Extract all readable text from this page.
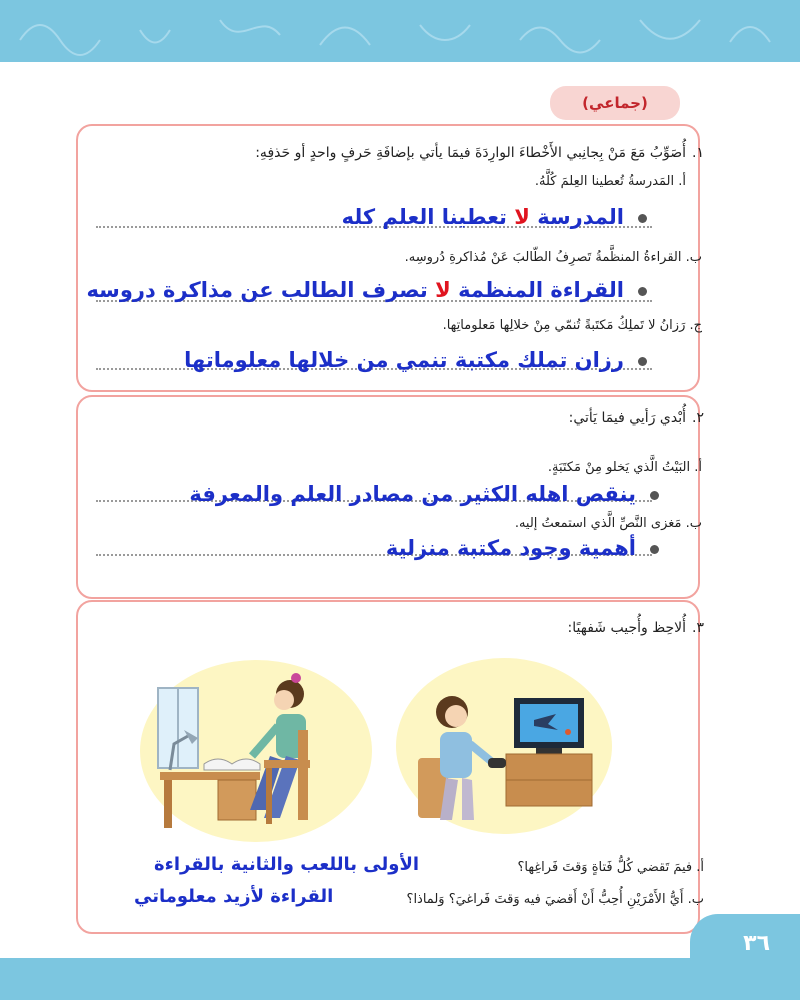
(جماعي)
١.أُصَوِّبُ مَعَ مَنْ بِجانِبي الأَخْطاءَ الوارِدَةَ فيمَا يأتي بإضافَةِ حَرفٍ واحدٍ أو حَذفِهِ:
أ. المَدرسةُ تُعطينا العِلمَ كُلَّهُ.
المدرسة لا تعطينا العلم كله
ب. القراءةُ المنظَّمةُ تَصرِفُ الطّالبَ عَنْ مُذاكرةِ دُروسِه.
القراءة المنظمة لا تصرف الطالب عن مذاكرة دروسه
ج. رَزانُ لا تَملِكُ مَكتَبةً تُنمّي مِنْ خلالِها مَعلوماتِها.
رزان تملك مكتبة تنمي من خلالها معلوماتها
٢.أُبْدي رَأيي فيمَا يَأتي:
أ. البَيْتُ الَّذي يَخلو مِنْ مَكتَبَةٍ.
ينقص اهله الكثير من مصادر العلم والمعرفة
ب. مَغزى النَّصِّ الَّذي استمعتُ إليه.
أهمية وجود مكتبة منزلية
٣.أُلاحِظ وأُجيب شَفهيًا:
أ. فيمَ تَقضي كُلُّ فَتاةٍ وَقتَ فَراغِها؟
الأولى باللعب والثانية بالقراءة
ب. أَيُّ الأَمْرَيْنِ أُحِبُّ أَنْ أَقضيَ فيه وَقتَ فَراغيَ؟ وَلماذا؟
القراءة لأزيد معلوماتي
٣٦
